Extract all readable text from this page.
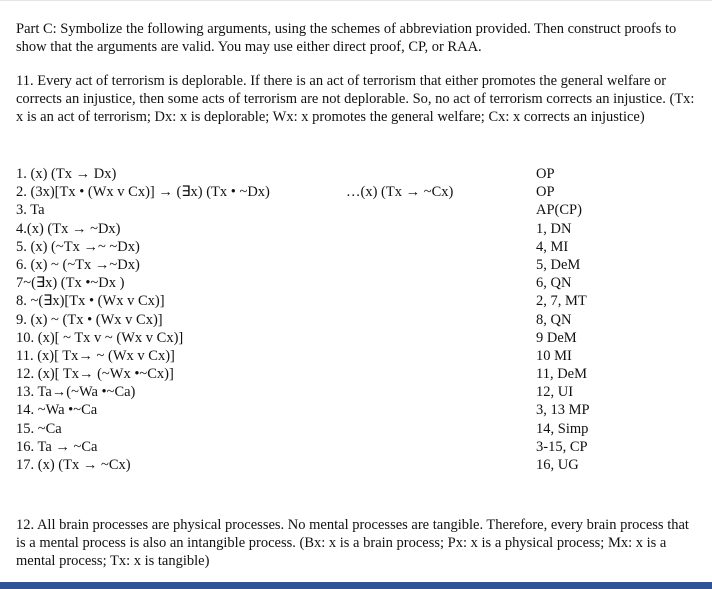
Part C: Symbolize the following arguments, using the schemes of abbreviation provided. Then construct proofs to show that the arguments are valid. You may use either direct proof, CP, or RAA.

11. Every act of terrorism is deplorable. If there is an act of terrorism that either promotes the general welfare or corrects an injustice, then some acts of terrorism are not deplorable. So, no act of terrorism corrects an injustice. (Tx: x is an act of terrorism; Dx: x is deplorable; Wx: x promotes the general welfare; Cx: x corrects an injustice)

1. (x) (Tx → Dx)	OP
2. (3x)[Tx • (Wx v Cx)] → (∃x) (Tx • ~Dx)	…(x) (Tx → ~Cx)	OP
3. Ta	AP(CP)
4.(x) (Tx → ~Dx)	1, DN
5. (x) (~Tx →~ ~Dx)	4, MI
6. (x) ~ (~Tx →~Dx)	5, DeM
7~(∃x) (Tx •~Dx )	6, QN
8. ~(∃x)[Tx • (Wx v Cx)]	2, 7, MT
9. (x) ~ (Tx • (Wx v Cx)]	8, QN
10. (x)[ ~ Tx v ~ (Wx v Cx)]	9 DeM
11. (x)[ Tx→ ~ (Wx v Cx)]	10 MI
12. (x)[ Tx→ (~Wx •~Cx)]	11, DeM
13. Ta→(~Wa •~Ca)	12, UI
14. ~Wa •~Ca	3, 13 MP
15. ~Ca	14, Simp
16. Ta → ~Ca	3-15, CP
17. (x) (Tx → ~Cx)	16, UG

12. All brain processes are physical processes. No mental processes are tangible. Therefore, every brain process that is a mental process is also an intangible process. (Bx: x is a brain process; Px: x is a physical process; Mx: x is a mental process; Tx: x is tangible)
